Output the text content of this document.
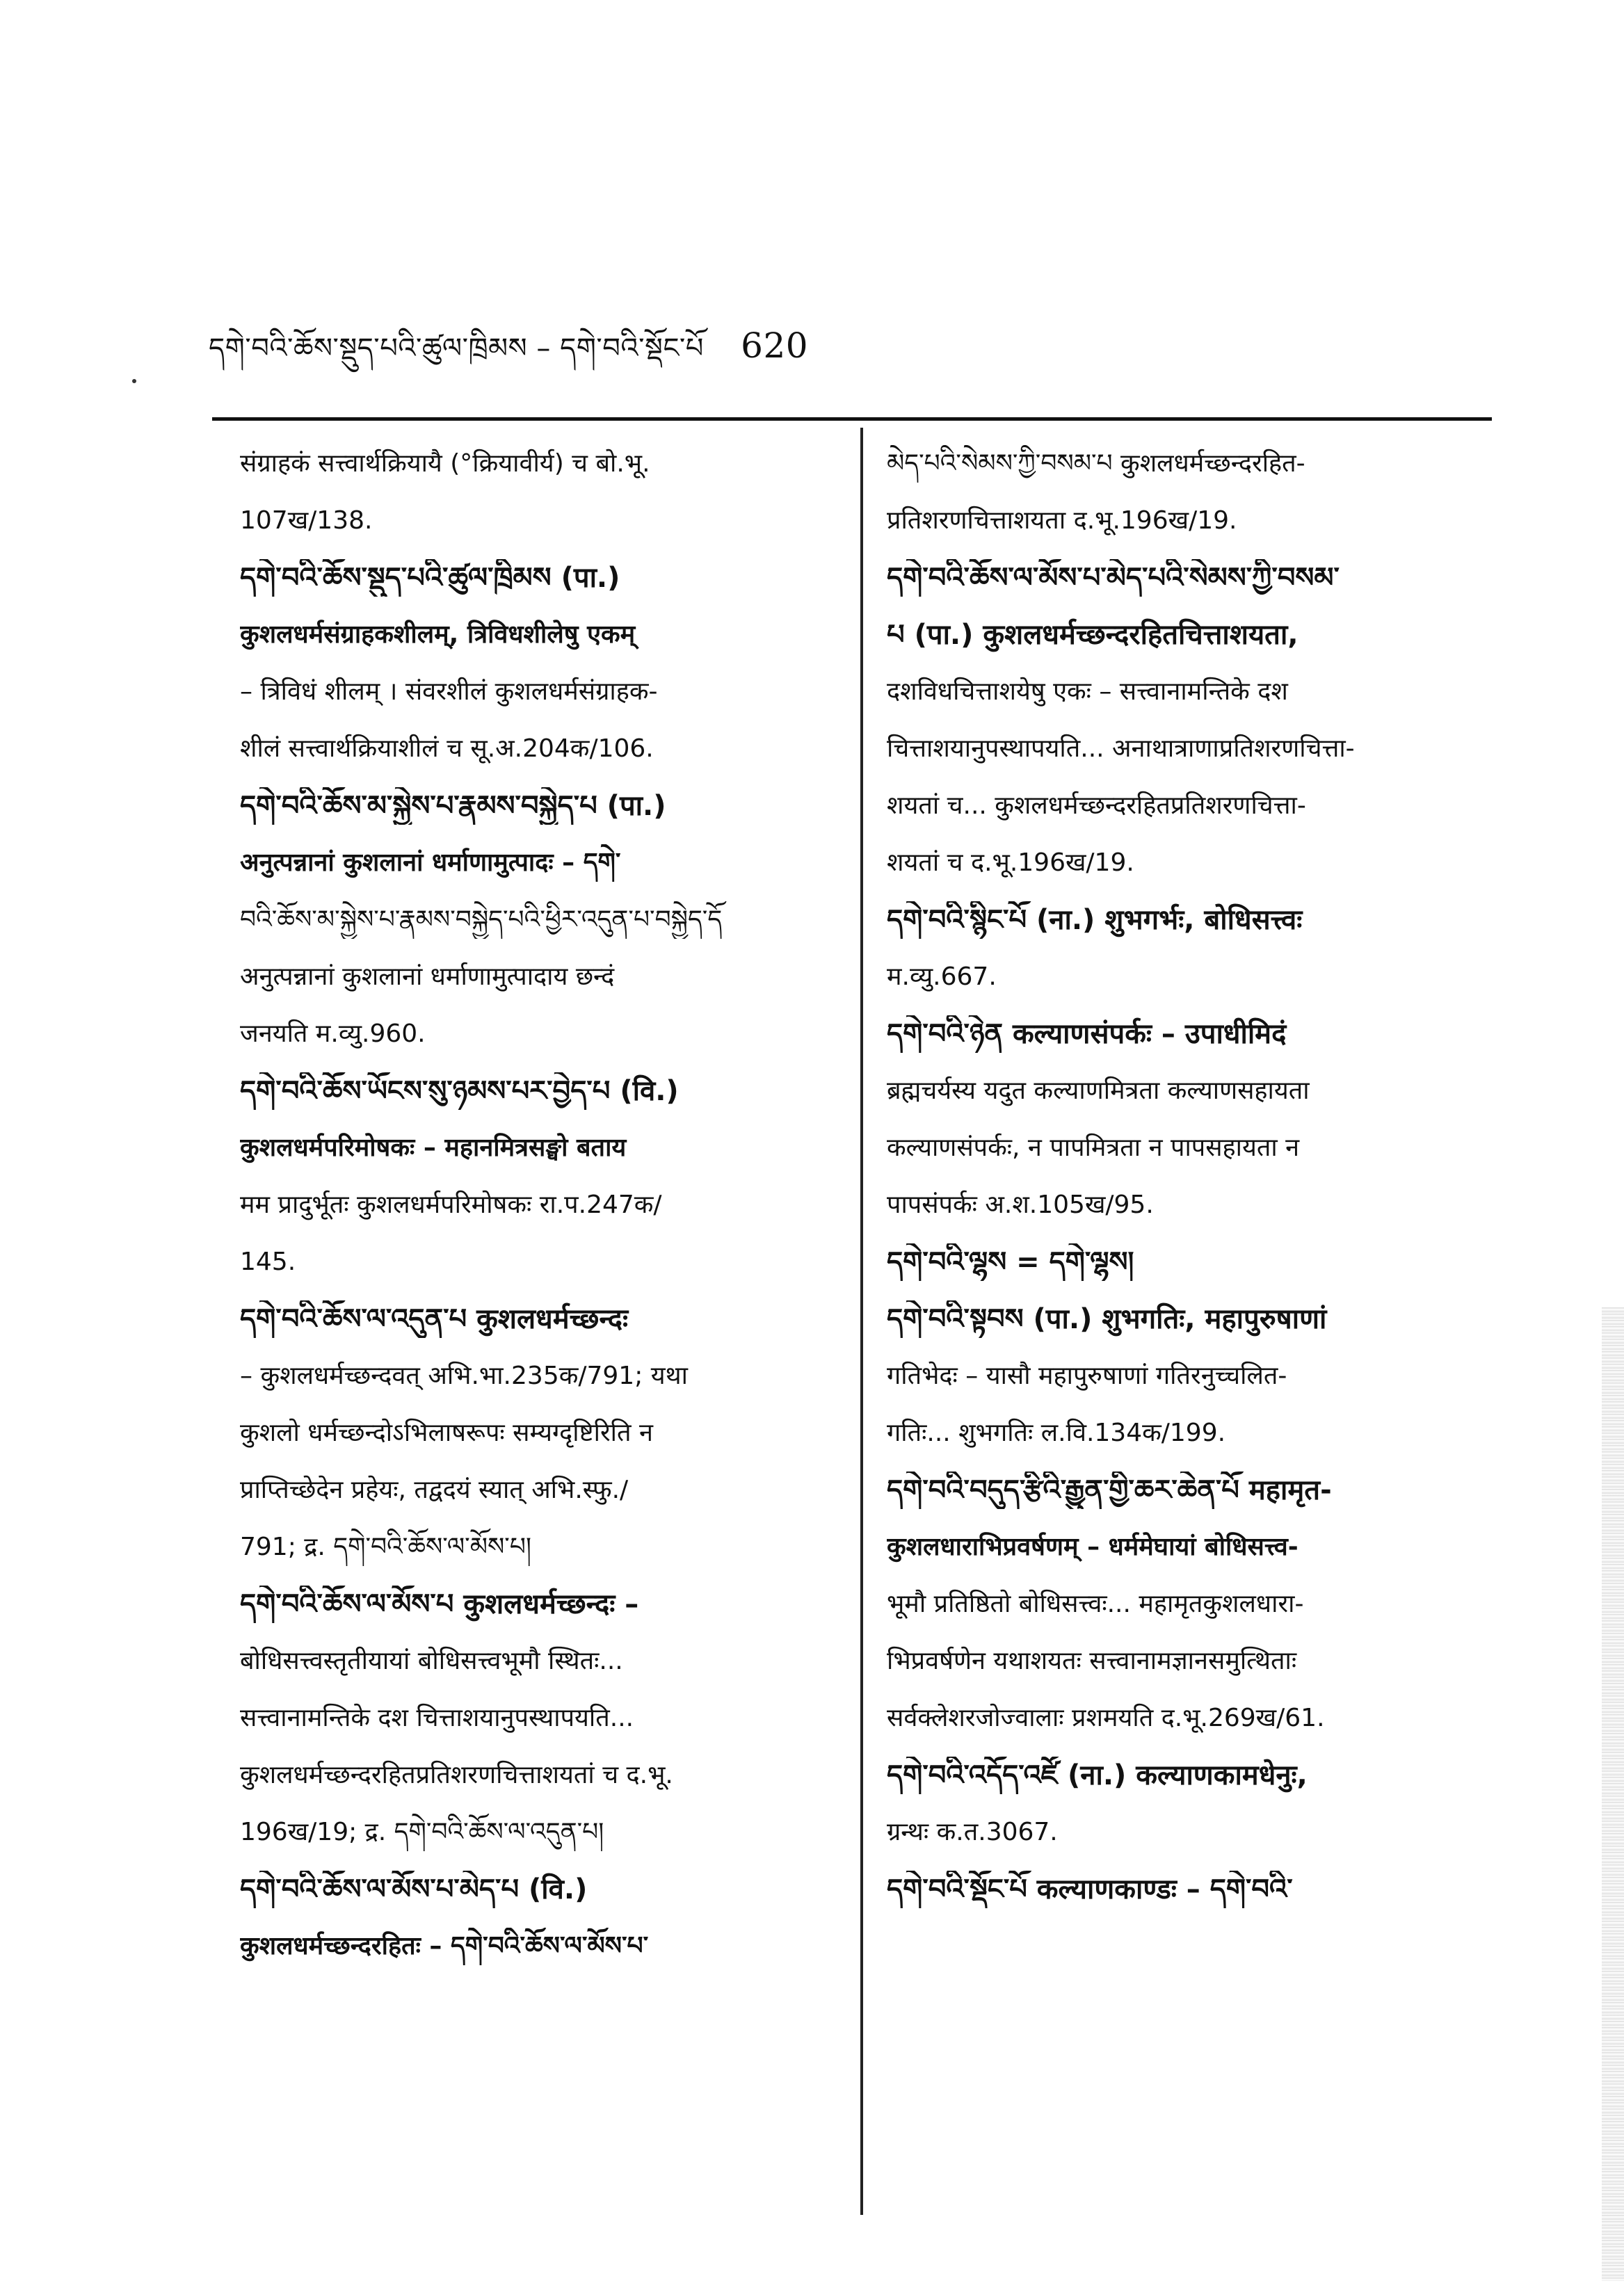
དགེ་བའི་ཆོས་སྡུད་པའི་ཚུལ་ཁྲིམས – དགེ་བའི་སྡོང་པོ 620
संग्राहकं सत्त्वार्थक्रियायै (°क्रियावीर्य) च बो.भू.
107ख/138.
དགེ་བའི་ཆོས་སྡུད་པའི་ཚུལ་ཁྲིམས (पा.)
कुशलधर्मसंग्राहकशीलम्, त्रिविधशीलेषु एकम्
– त्रिविधं शीलम् । संवरशीलं कुशलधर्मसंग्राहक-
शीलं सत्त्वार्थक्रियाशीलं च सू.अ.204क/106.
དགེ་བའི་ཆོས་མ་སྐྱེས་པ་རྣམས་བསྐྱེད་པ (पा.)
अनुत्पन्नानां कुशलानां धर्माणामुत्पादः – དགེ་
བའི་ཆོས་མ་སྐྱེས་པ་རྣམས་བསྐྱེད་པའི་ཕྱིར་འདུན་པ་བསྐྱེད་དོ
अनुत्पन्नानां कुशलानां धर्माणामुत्पादाय छन्दं
जनयति म.व्यु.960.
དགེ་བའི་ཆོས་ཡོངས་སུ་ཉམས་པར་བྱེད་པ (वि.)
कुशलधर्मपरिमोषकः – महानमित्रसङ्घो बताय
मम प्रादुर्भूतः कुशलधर्मपरिमोषकः रा.प.247क/
145.
དགེ་བའི་ཆོས་ལ་འདུན་པ कुशलधर्मच्छन्दः
– कुशलधर्मच्छन्दवत् अभि.भा.235क/791; यथा
कुशलो धर्मच्छन्दोऽभिलाषरूपः सम्यग्दृष्टिरिति न
प्राप्तिच्छेदेन प्रहेयः, तद्वदयं स्यात् अभि.स्फु./
791; द्र. དགེ་བའི་ཆོས་ལ་མོས་པ།
དགེ་བའི་ཆོས་ལ་མོས་པ कुशलधर्मच्छन्दः –
बोधिसत्त्वस्तृतीयायां बोधिसत्त्वभूमौ स्थितः...
सत्त्वानामन्तिके दश चित्ताशयानुपस्थापयति...
कुशलधर्मच्छन्दरहितप्रतिशरणचित्ताशयतां च द.भू.
196ख/19; द्र. དགེ་བའི་ཆོས་ལ་འདུན་པ།
དགེ་བའི་ཆོས་ལ་མོས་པ་མེད་པ (वि.)
कुशलधर्मच्छन्दरहितः – དགེ་བའི་ཆོས་ལ་མོས་པ་
མེད་པའི་སེམས་ཀྱི་བསམ་པ कुशलधर्मच्छन्दरहित-
प्रतिशरणचित्ताशयता द.भू.196ख/19.
དགེ་བའི་ཆོས་ལ་མོས་པ་མེད་པའི་སེམས་ཀྱི་བསམ་
པ (पा.) कुशलधर्मच्छन्दरहितचित्ताशयता,
दशविधचित्ताशयेषु एकः – सत्त्वानामन्तिके दश
चित्ताशयानुपस्थापयति... अनाथात्राणाप्रतिशरणचित्ता-
शयतां च... कुशलधर्मच्छन्दरहितप्रतिशरणचित्ता-
शयतां च द.भू.196ख/19.
དགེ་བའི་སྙིང་པོ (ना.) शुभगर्भः, बोधिसत्त्वः
म.व्यु.667.
དགེ་བའི་ཉེན कल्याणसंपर्कः – उपाधीमिदं
ब्रह्मचर्यस्य यदुत कल्याणमित्रता कल्याणसहायता
कल्याणसंपर्कः, न पापमित्रता न पापसहायता न
पापसंपर्कः अ.श.105ख/95.
དགེ་བའི་ལྷས = དགེ་ལྷས།
དགེ་བའི་སྟབས (पा.) शुभगतिः, महापुरुषाणां
गतिभेदः – यासौ महापुरुषाणां गतिरनुच्चलित-
गतिः... शुभगतिः ल.वि.134क/199.
དགེ་བའི་བདུད་རྩིའི་རྒྱུན་གྱི་ཆར་ཆེན་པོ महामृत-
कुशलधाराभिप्रवर्षणम् – धर्ममेघायां बोधिसत्त्व-
भूमौ प्रतिष्ठितो बोधिसत्त्वः... महामृतकुशलधारा-
भिप्रवर्षणेन यथाशयतः सत्त्वानामज्ञानसमुत्थिताः
सर्वक्लेशरजोज्वालाः प्रशमयति द.भू.269ख/61.
དགེ་བའི་འདོད་འཛོ (ना.) कल्याणकामधेनुः,
ग्रन्थः क.त.3067.
དགེ་བའི་སྡོང་པོ कल्याणकाण्डः – དགེ་བའི་
